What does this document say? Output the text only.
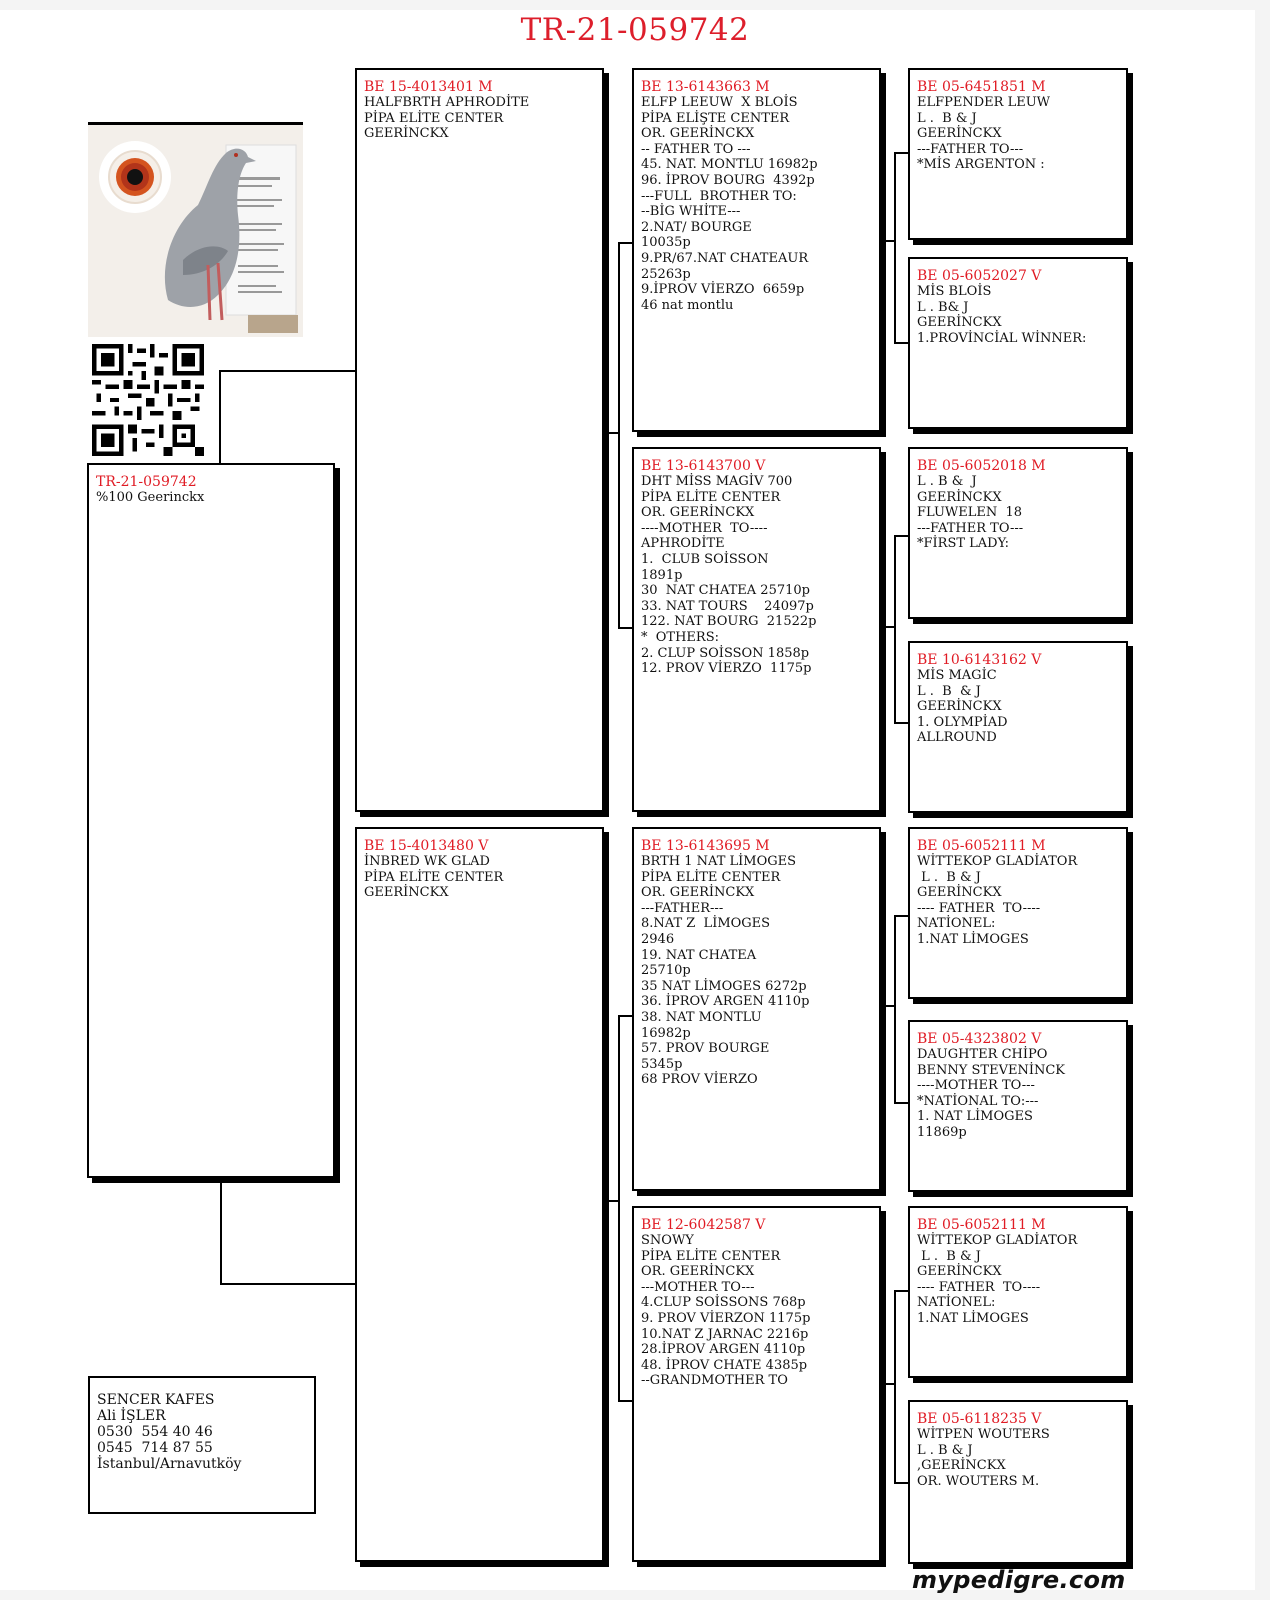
TR-21-059742
TR-21-059742
%100 Geerinckx
BE 15-4013401 M
HALFBRTH APHRODİTE
PİPA ELİTE CENTER
GEERİNCKX
BE 15-4013480 V
İNBRED WK GLAD
PİPA ELİTE CENTER
GEERİNCKX
BE 13-6143663 M
ELFP LEEUW  X BLOİS
PİPA ELİŞTE CENTER
OR. GEERİNCKX
-- FATHER TO ---
45. NAT. MONTLU 16982p
96. İPROV BOURG  4392p
---FULL  BROTHER TO:
--BİG WHİTE---
2.NAT/ BOURGE
10035p
9.PR/67.NAT CHATEAUR
25263p
9.İPROV VİERZO  6659p
46 nat montlu
BE 13-6143700 V
DHT MİSS MAGİV 700
PİPA ELİTE CENTER
OR. GEERİNCKX
----MOTHER  TO----
APHRODİTE
1.  CLUB SOİSSON
1891p
30  NAT CHATEA 25710p
33. NAT TOURS    24097p
122. NAT BOURG  21522p
*  OTHERS:
2. CLUP SOİSSON 1858p
12. PROV VİERZO  1175p
BE 13-6143695 M
BRTH 1 NAT LİMOGES
PİPA ELİTE CENTER
OR. GEERİNCKX
---FATHER---
8.NAT Z  LİMOGES
2946
19. NAT CHATEA
25710p
35 NAT LİMOGES 6272p
36. İPROV ARGEN 4110p
38. NAT MONTLU
16982p
57. PROV BOURGE
5345p
68 PROV VİERZO
BE 12-6042587 V
SNOWY
PİPA ELİTE CENTER
OR. GEERİNCKX
---MOTHER TO---
4.CLUP SOİSSONS 768p
9. PROV VİERZON 1175p
10.NAT Z JARNAC 2216p
28.İPROV ARGEN 4110p
48. İPROV CHATE 4385p
--GRANDMOTHER TO
BE 05-6451851 M
ELFPENDER LEUW
L .  B & J
GEERİNCKX
---FATHER TO---
*MİS ARGENTON :
BE 05-6052027 V
MİS BLOİS
L . B& J
GEERİNCKX
1.PROVİNCİAL WİNNER:
BE 05-6052018 M
L . B &  J
GEERİNCKX
FLUWELEN  18
---FATHER TO---
*FİRST LADY:
BE 10-6143162 V
MİS MAGİC
L .  B  & J
GEERİNCKX
1. OLYMPİAD
ALLROUND
BE 05-6052111 M
WİTTEKOP GLADİATOR
L .  B & J
GEERİNCKX
---- FATHER  TO----
NATİONEL:
1.NAT LİMOGES
BE 05-4323802 V
DAUGHTER CHİPO
BENNY STEVENİNCK
----MOTHER TO---
*NATİONAL TO:---
1. NAT LİMOGES
11869p
BE 05-6052111 M
WİTTEKOP GLADİATOR
L .  B & J
GEERİNCKX
---- FATHER  TO----
NATİONEL:
1.NAT LİMOGES
BE 05-6118235 V
WİTPEN WOUTERS
L . B & J
,GEERİNCKX
OR. WOUTERS M.
SENCER KAFES
Ali İŞLER
0530  554 40 46
0545  714 87 55
İstanbul/Arnavutköy
mypedigre.com
